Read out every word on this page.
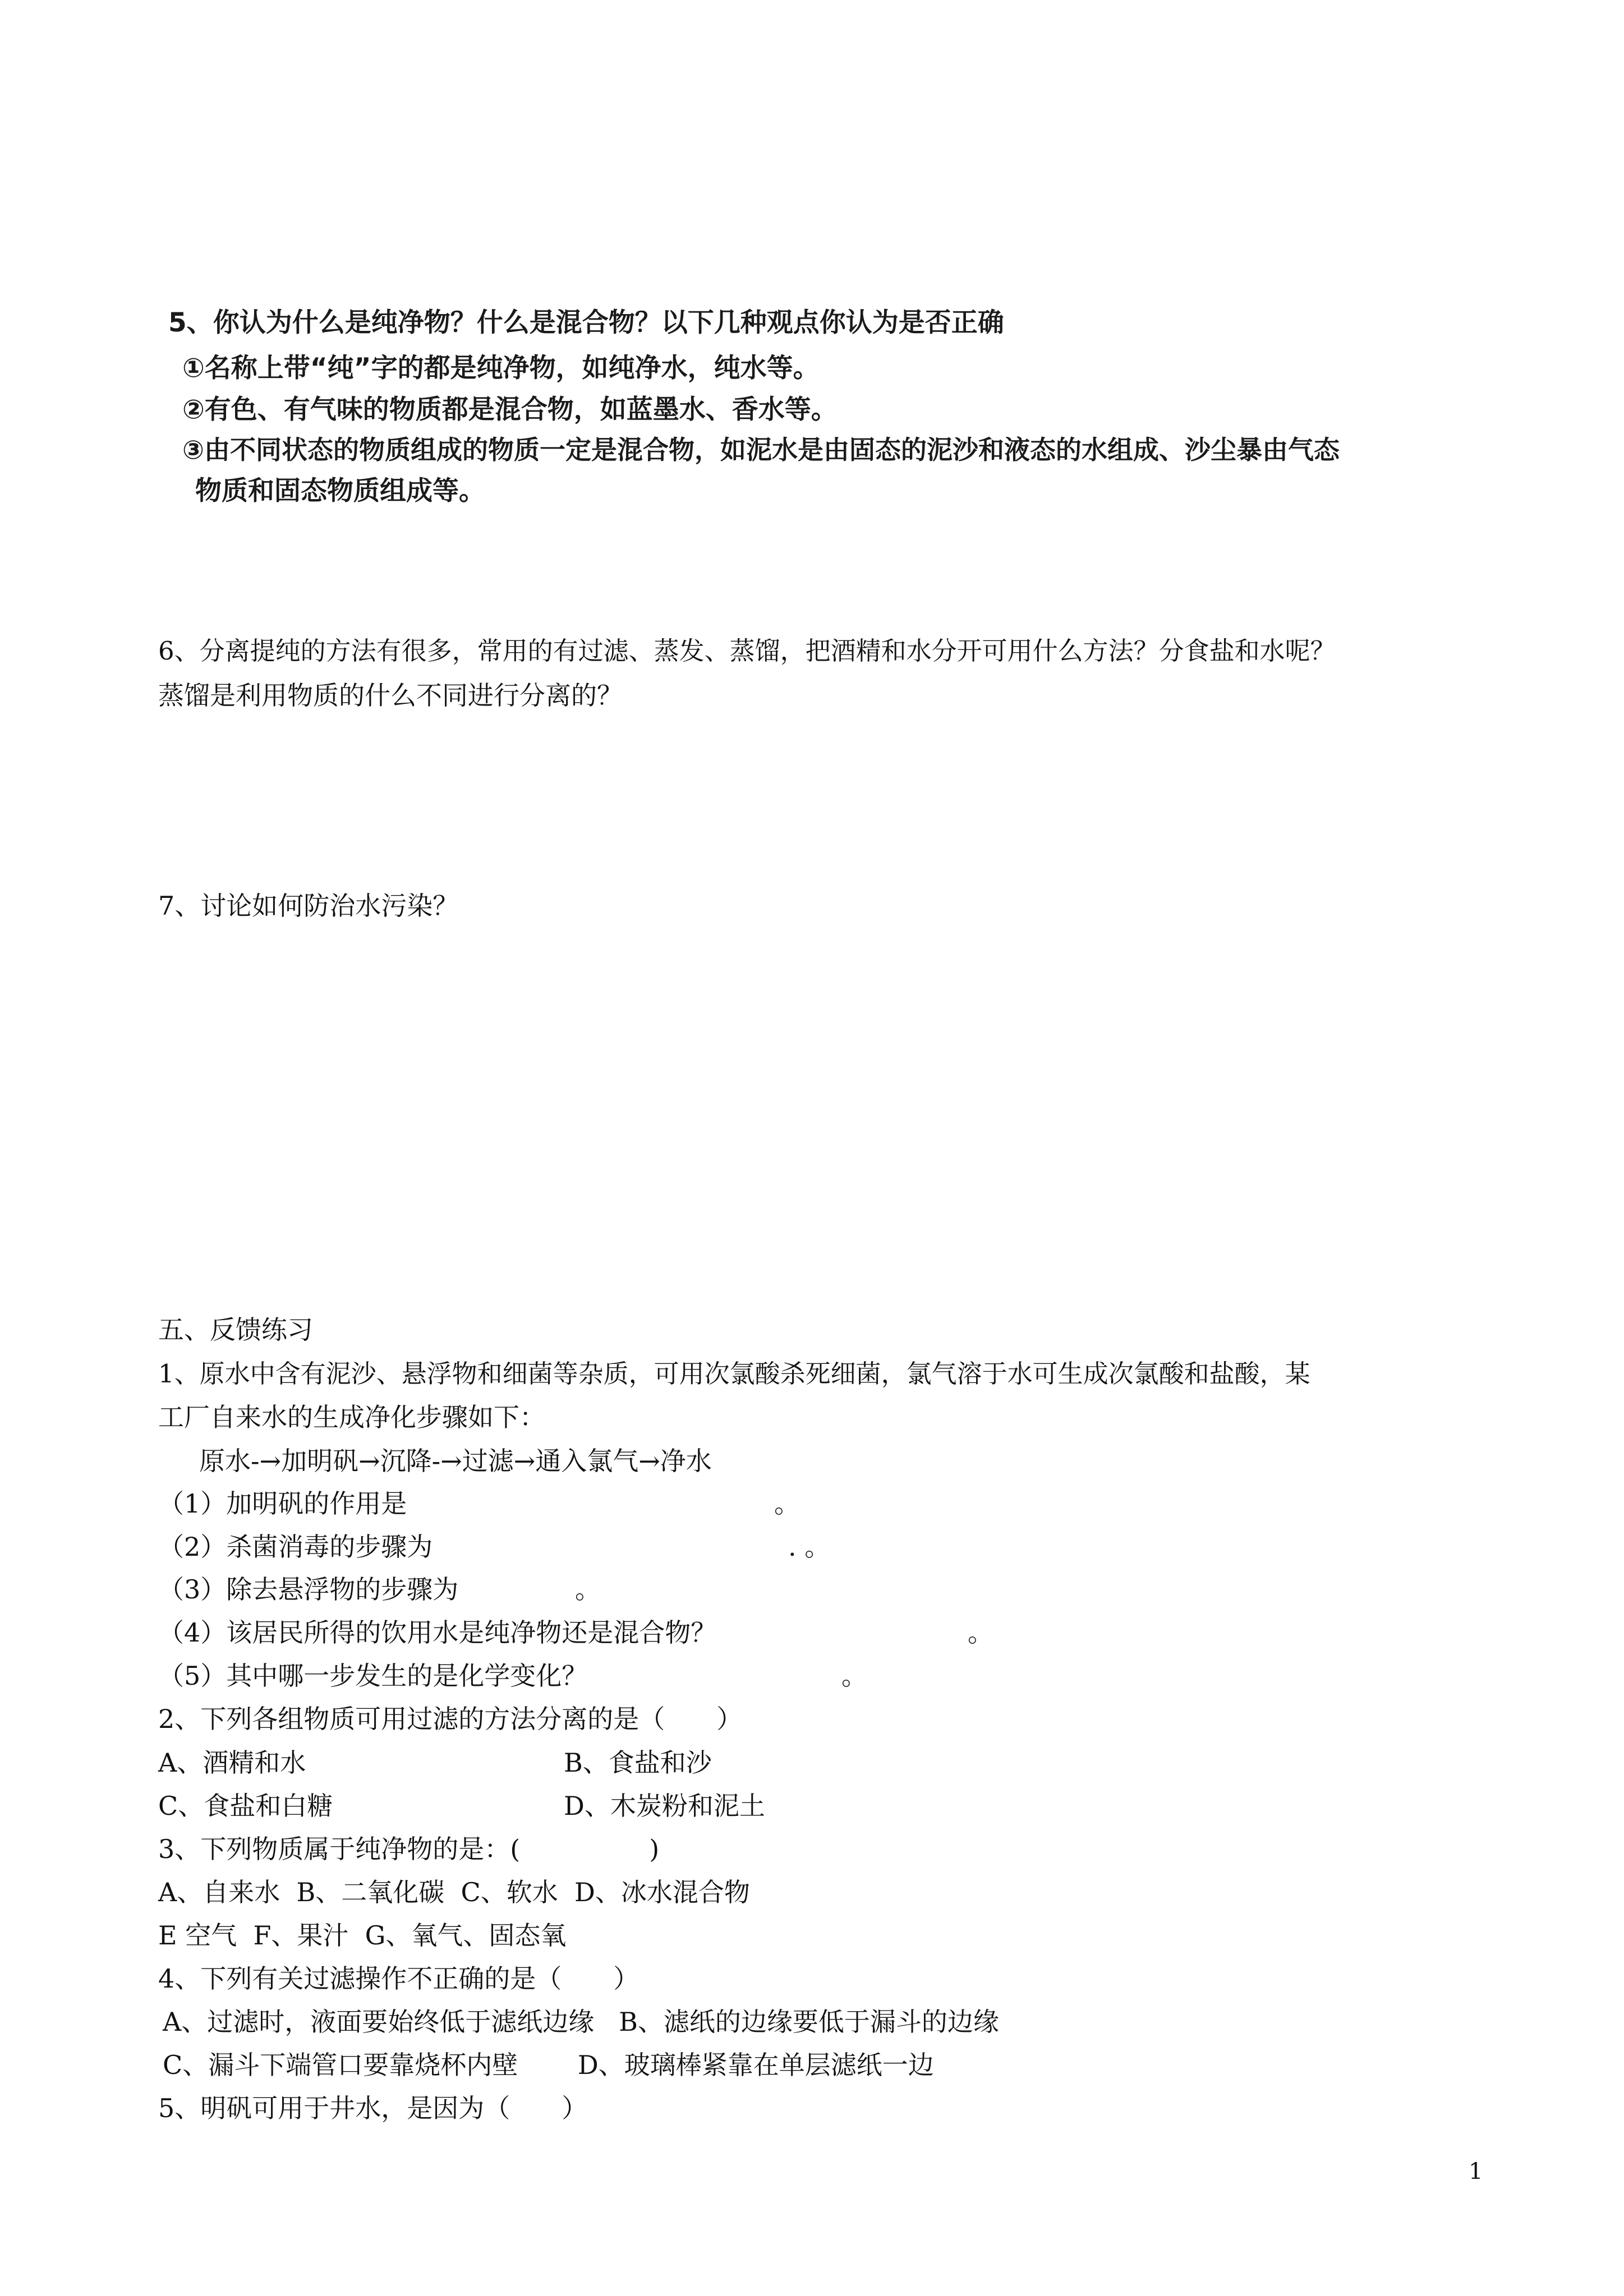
5、你认为什么是纯净物？什么是混合物？以下几种观点你认为是否正确
①名称上带“纯”字的都是纯净物，如纯净水，纯水等。
②有色、有气味的物质都是混合物，如蓝墨水、香水等。
③由不同状态的物质组成的物质一定是混合物，如泥水是由固态的泥沙和液态的水组成、沙尘暴由气态
物质和固态物质组成等。
6、分离提纯的方法有很多，常用的有过滤、蒸发、蒸馏，把酒精和水分开可用什么方法？分食盐和水呢？
蒸馏是利用物质的什么不同进行分离的？
7、讨论如何防治水污染？
五、反馈练习
1、原水中含有泥沙、悬浮物和细菌等杂质，可用次氯酸杀死细菌，氯气溶于水可生成次氯酸和盐酸，某
工厂自来水的生成净化步骤如下：
原水-→加明矾→沉降-→过滤→通入氯气→净水
（1）加明矾的作用是	。
（2）杀菌消毒的步骤为	. 。
（3）除去悬浮物的步骤为	。
（4）该居民所得的饮用水是纯净物还是混合物？	。
（5）其中哪一步发生的是化学变化？	。
2、下列各组物质可用过滤的方法分离的是（　　）
A、酒精和水	B、食盐和沙
C、食盐和白糖	D、木炭粉和泥土
3、下列物质属于纯净物的是：(　　　　　)
A、自来水  B、二氧化碳  C、软水  D、冰水混合物
E 空气  F、果汁  G、氧气、固态氧
4、下列有关过滤操作不正确的是（　　）
A、过滤时，液面要始终低于滤纸边缘   B、滤纸的边缘要低于漏斗的边缘
C、漏斗下端管口要靠烧杯内壁　　 D、玻璃棒紧靠在单层滤纸一边
5、明矾可用于井水，是因为（　　）
1
